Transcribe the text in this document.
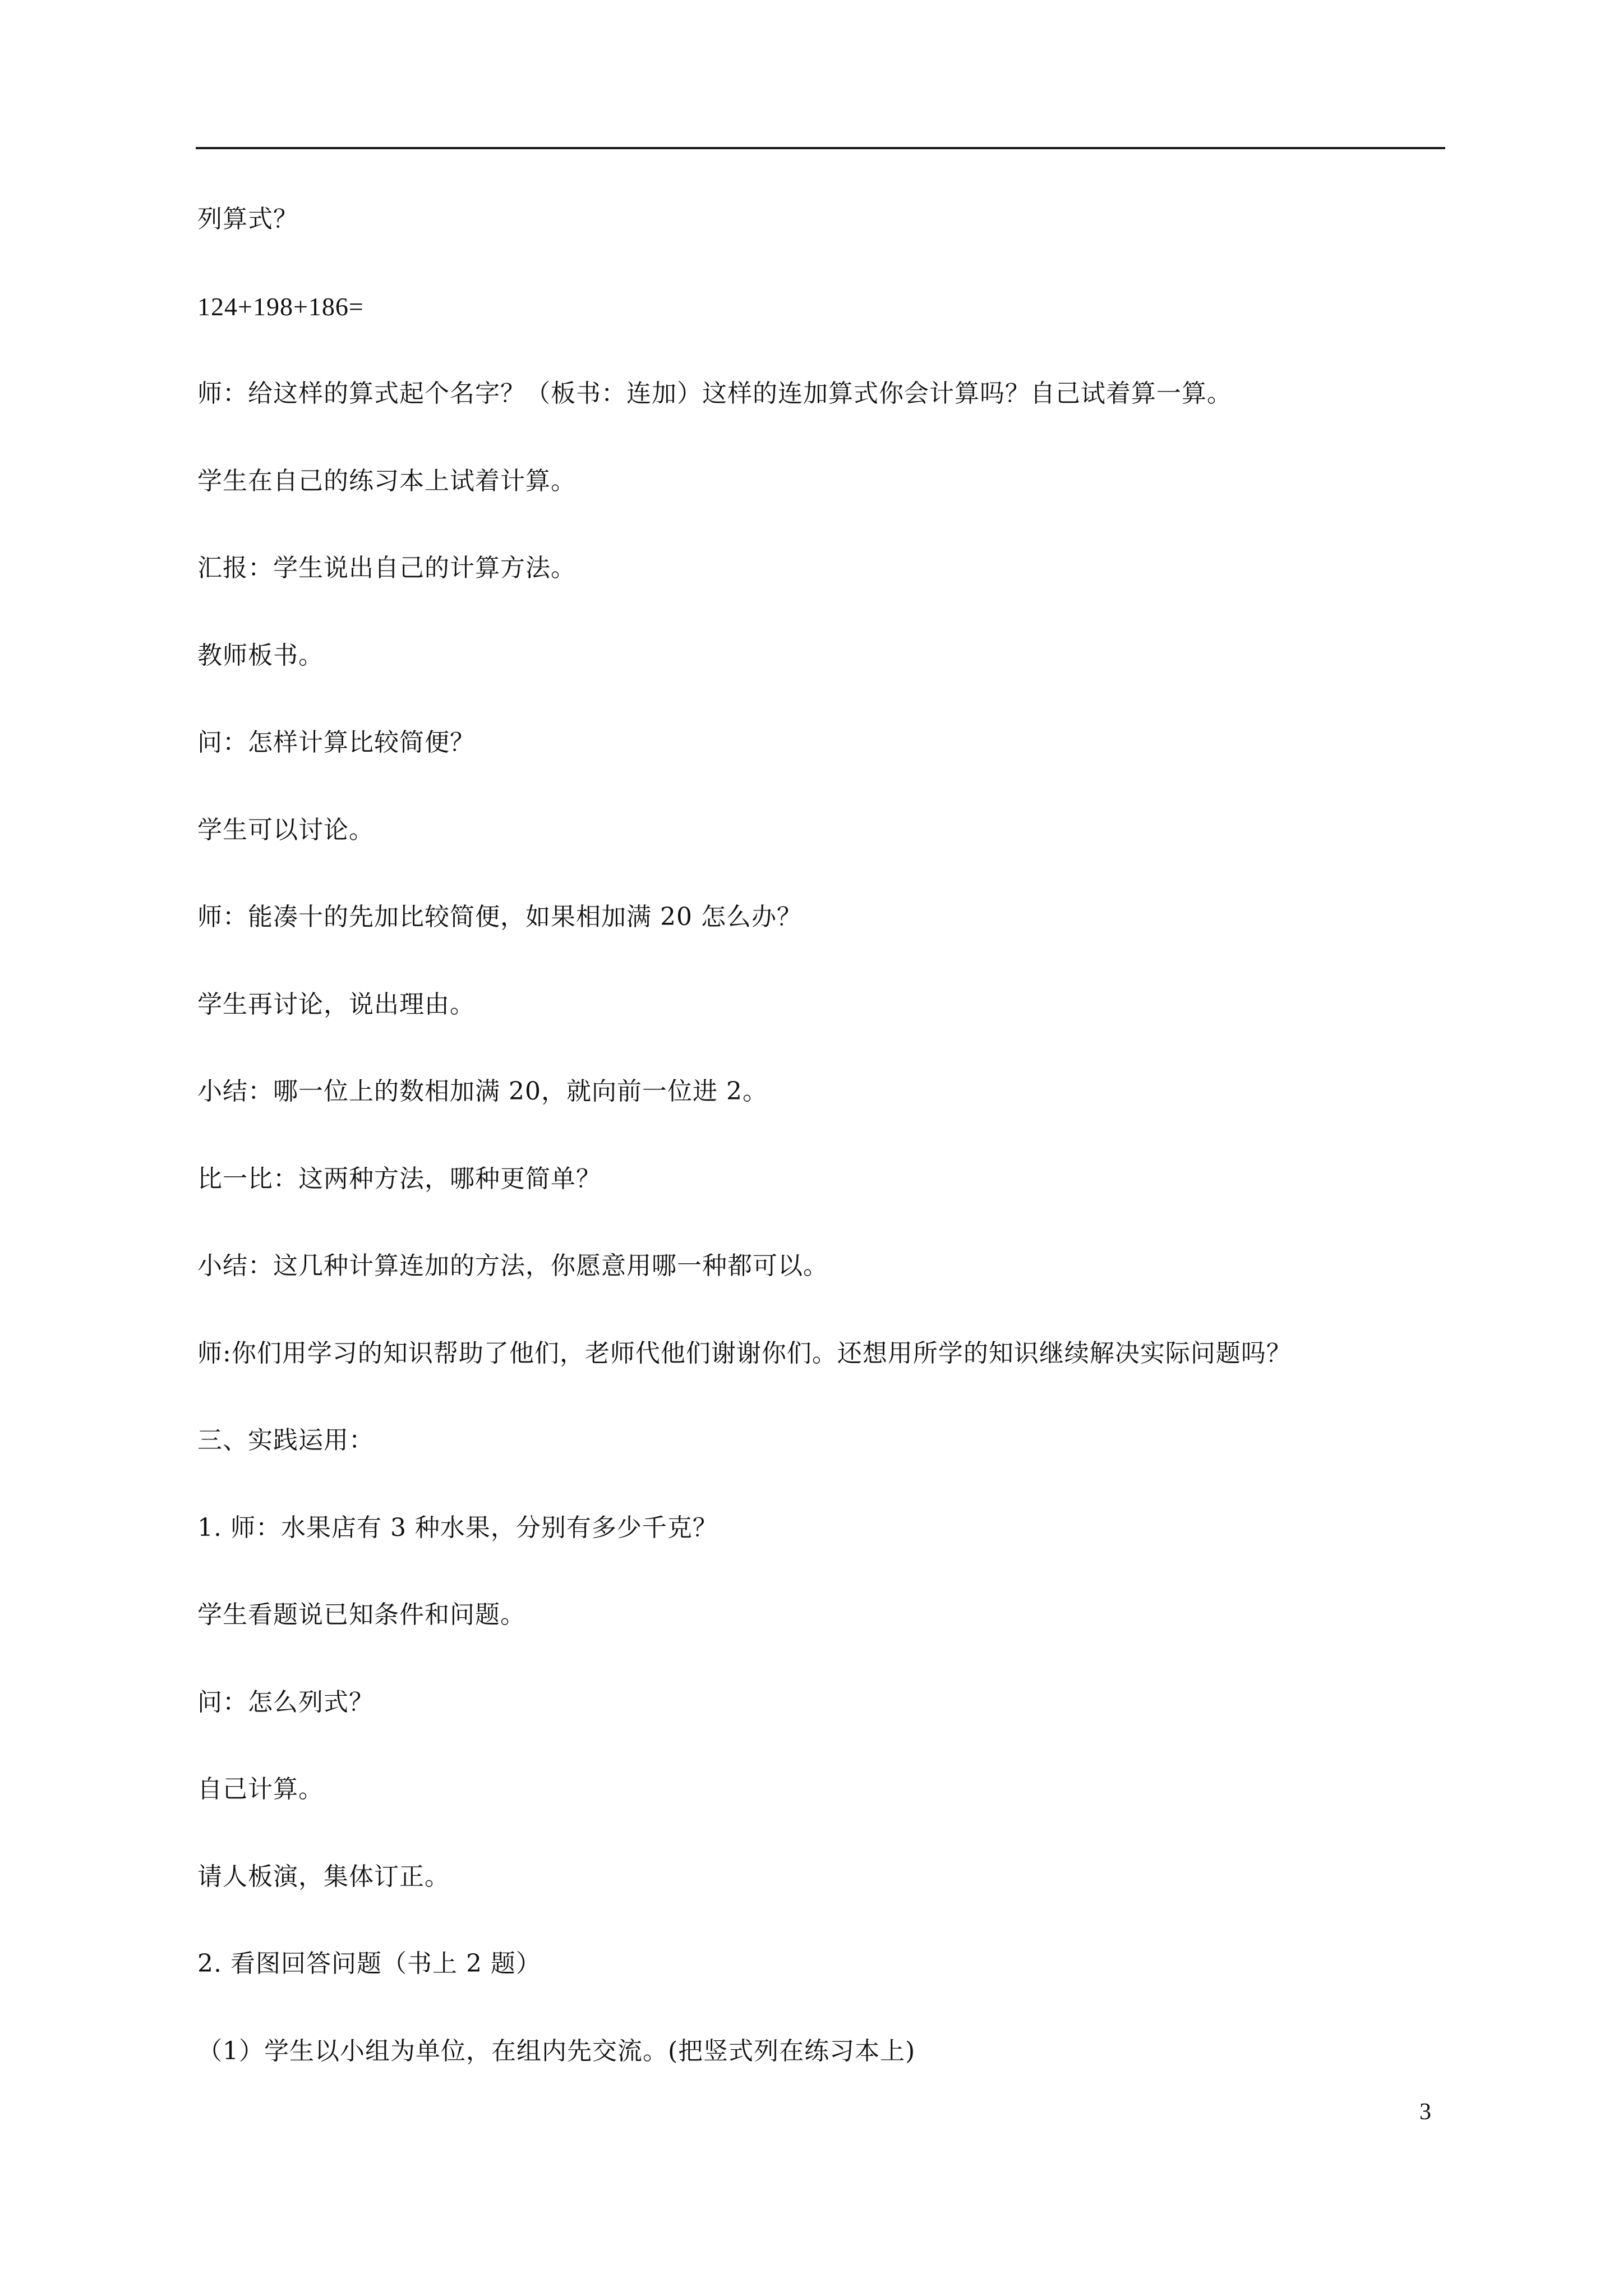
列算式？

124+198+186=

师：给这样的算式起个名字？（板书：连加）这样的连加算式你会计算吗？自己试着算一算。

学生在自己的练习本上试着计算。

汇报：学生说出自己的计算方法。

教师板书。

问：怎样计算比较简便？

学生可以讨论。

师：能凑十的先加比较简便，如果相加满 20 怎么办？

学生再讨论，说出理由。

小结：哪一位上的数相加满 20，就向前一位进 2。

比一比：这两种方法，哪种更简单？

小结：这几种计算连加的方法，你愿意用哪一种都可以。

师:你们用学习的知识帮助了他们，老师代他们谢谢你们。还想用所学的知识继续解决实际问题吗？

三、实践运用：

1. 师：水果店有 3 种水果，分别有多少千克？

学生看题说已知条件和问题。

问：怎么列式？

自己计算。

请人板演，集体订正。

2. 看图回答问题（书上 2 题）

（1）学生以小组为单位，在组内先交流。(把竖式列在练习本上)

3
